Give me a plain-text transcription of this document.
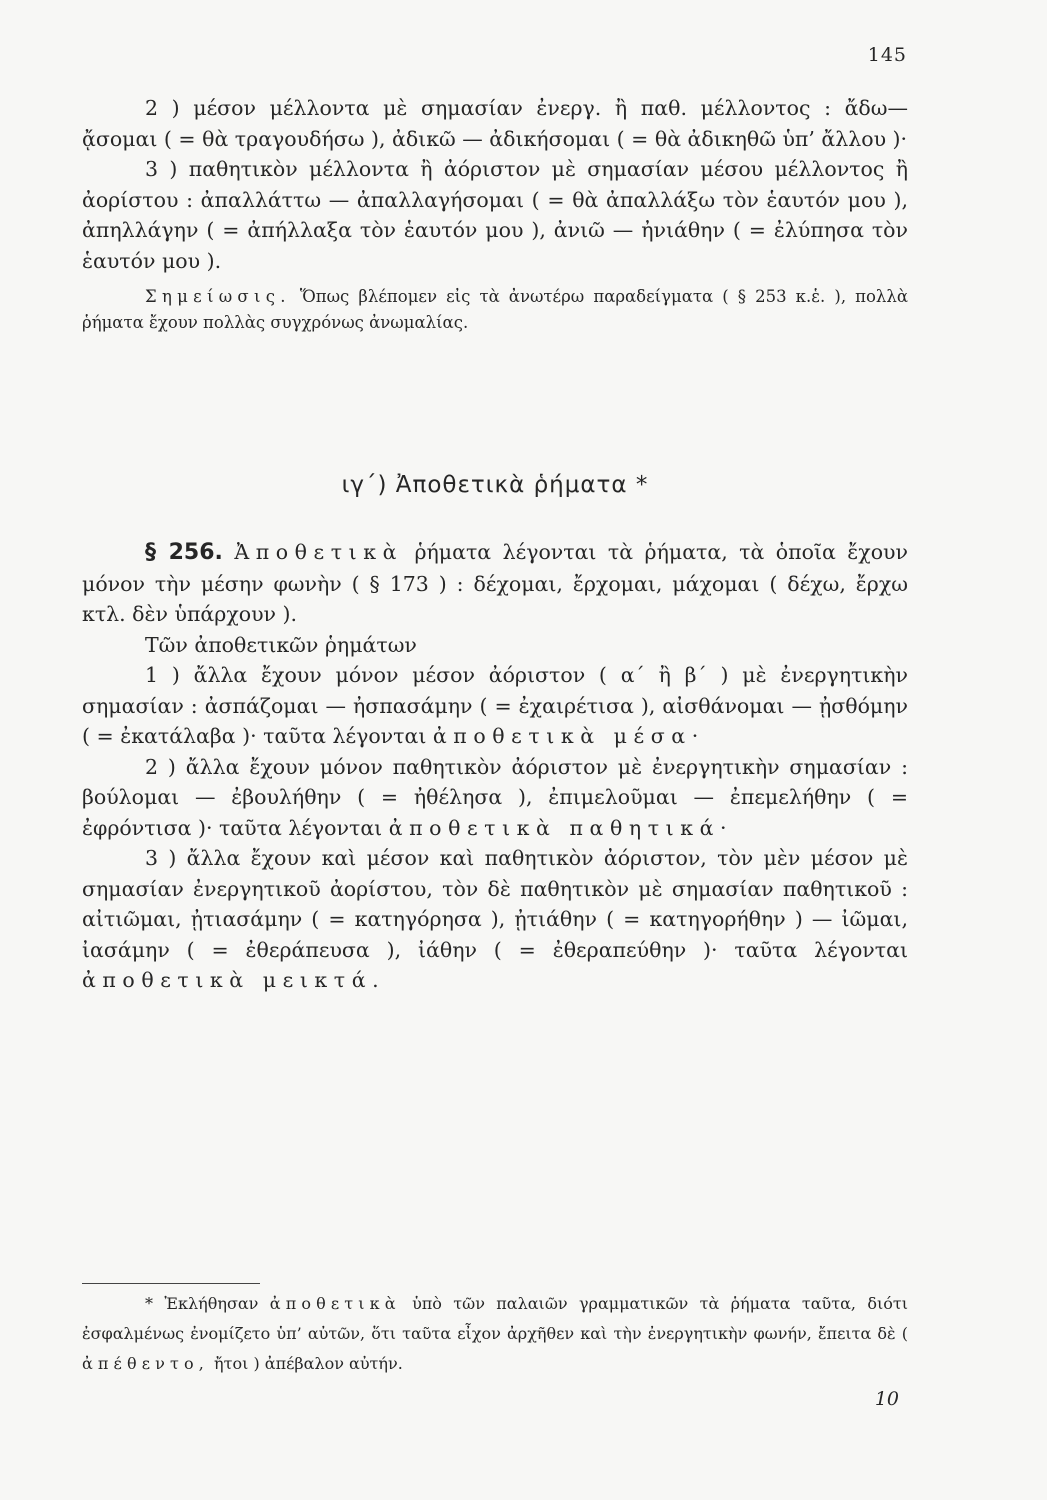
145

2 ) μέσον μέλλοντα μὲ σημασίαν ἐνεργ. ἢ παθ. μέλλοντος : ἄδω— ᾄσομαι ( = θὰ τραγουδήσω ), ἀδικῶ — ἀδικήσομαι ( = θὰ ἀδικηθῶ ὑπ’ ἄλλου )·

3 ) παθητικὸν μέλλοντα ἢ ἀόριστον μὲ σημασίαν μέσου μέλλοντος ἢ ἀορίστου : ἀπαλλάττω — ἀπαλλαγήσομαι ( = θὰ ἀπαλλάξω τὸν ἑαυτόν μου ), ἀπηλλάγην ( = ἀπήλλαξα τὸν ἑαυτόν μου ), ἀνιῶ — ἠνιάθην ( = ἐλύπησα τὸν ἑαυτόν μου ).

Σημείωσις. Ὅπως βλέπομεν εἰς τὰ ἀνωτέρω παραδείγματα ( § 253 κ.ἑ. ), πολλὰ ῥήματα ἔχουν πολλὰς συγχρόνως ἀνωμαλίας.

ιγ΄) Ἀποθετικὰ ῥήματα *

§ 256. Ἀποθετικὰ ῥήματα λέγονται τὰ ῥήματα, τὰ ὁποῖα ἔχουν μόνον τὴν μέσην φωνὴν ( § 173 ) : δέχομαι, ἔρχομαι, μάχομαι ( δέχω, ἔρχω κτλ. δὲν ὑπάρχουν ).

Τῶν ἀποθετικῶν ῥημάτων

1 ) ἄλλα ἔχουν μόνον μέσον ἀόριστον ( α΄ ἢ β΄ ) μὲ ἐνεργητικὴν σημασίαν : ἀσπάζομαι — ἠσπασάμην ( = ἐχαιρέτισα ), αἰσθάνομαι — ᾐσθόμην ( = ἐκατάλαβα )· ταῦτα λέγονται ἀποθετικὰ μέσα·

2 ) ἄλλα ἔχουν μόνον παθητικὸν ἀόριστον μὲ ἐνεργητικὴν σημασίαν : βούλομαι — ἐβουλήθην ( = ἠθέλησα ), ἐπιμελοῦμαι — ἐπεμελήθην ( = ἐφρόντισα )· ταῦτα λέγονται ἀποθετικὰ παθητικά·

3 ) ἄλλα ἔχουν καὶ μέσον καὶ παθητικὸν ἀόριστον, τὸν μὲν μέσον μὲ σημασίαν ἐνεργητικοῦ ἀορίστου, τὸν δὲ παθητικὸν μὲ σημασίαν παθητικοῦ : αἰτιῶμαι, ᾐτιασάμην ( = κατηγόρησα ), ᾐτιάθην ( = κατηγορήθην ) — ἰῶμαι, ἰασάμην ( = ἐθεράπευσα ), ἰάθην ( = ἐθεραπεύθην )· ταῦτα λέγονται ἀποθετικὰ μεικτά.

* Ἐκλήθησαν ἀποθετικὰ ὑπὸ τῶν παλαιῶν γραμματικῶν τὰ ῥήματα ταῦτα, διότι ἐσφαλμένως ἐνομίζετο ὑπ’ αὐτῶν, ὅτι ταῦτα εἶχον ἀρχῆθεν καὶ τὴν ἐνεργητικὴν φωνήν, ἔπειτα δὲ ( ἀπέθεντο, ἤτοι ) ἀπέβαλον αὐτήν.

10
